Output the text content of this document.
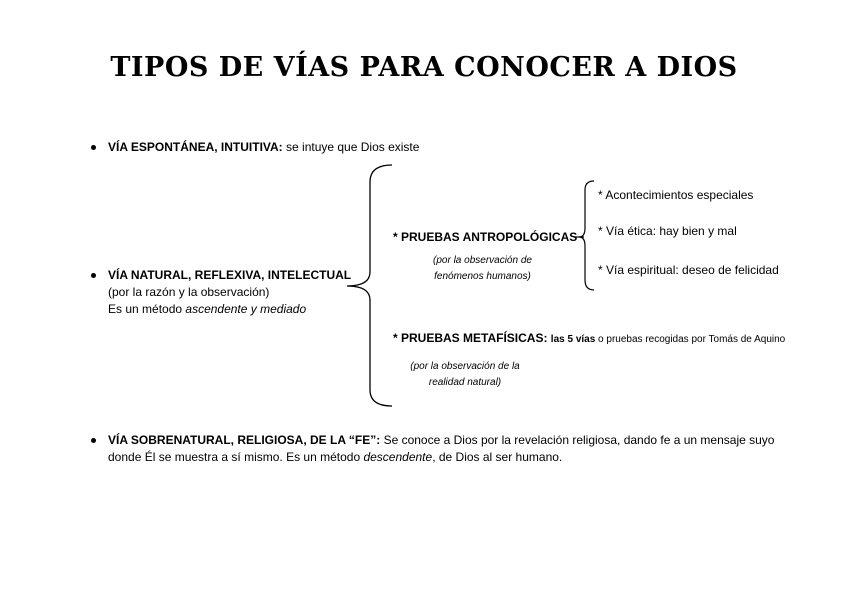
TIPOS DE VÍAS PARA CONOCER A DIOS
VÍA ESPONTÁNEA, INTUITIVA: se intuye que Dios existe
VÍA NATURAL, REFLEXIVA, INTELECTUAL
(por la razón y la observación)
Es un método ascendente y mediado
* PRUEBAS ANTROPOLÓGICAS
(por la observación de
fenómenos humanos)
* Acontecimientos especiales
* Vía ética: hay bien y mal
* Vía espiritual: deseo de felicidad
* PRUEBAS METAFÍSICAS: las 5 vías o pruebas recogidas por Tomás de Aquino
(por la observación de la
realidad natural)
VÍA SOBRENATURAL, RELIGIOSA, DE LA “FE”: Se conoce a Dios por la revelación religiosa, dando fe a un mensaje suyo
donde Él se muestra a sí mismo. Es un método descendente, de Dios al ser humano.
